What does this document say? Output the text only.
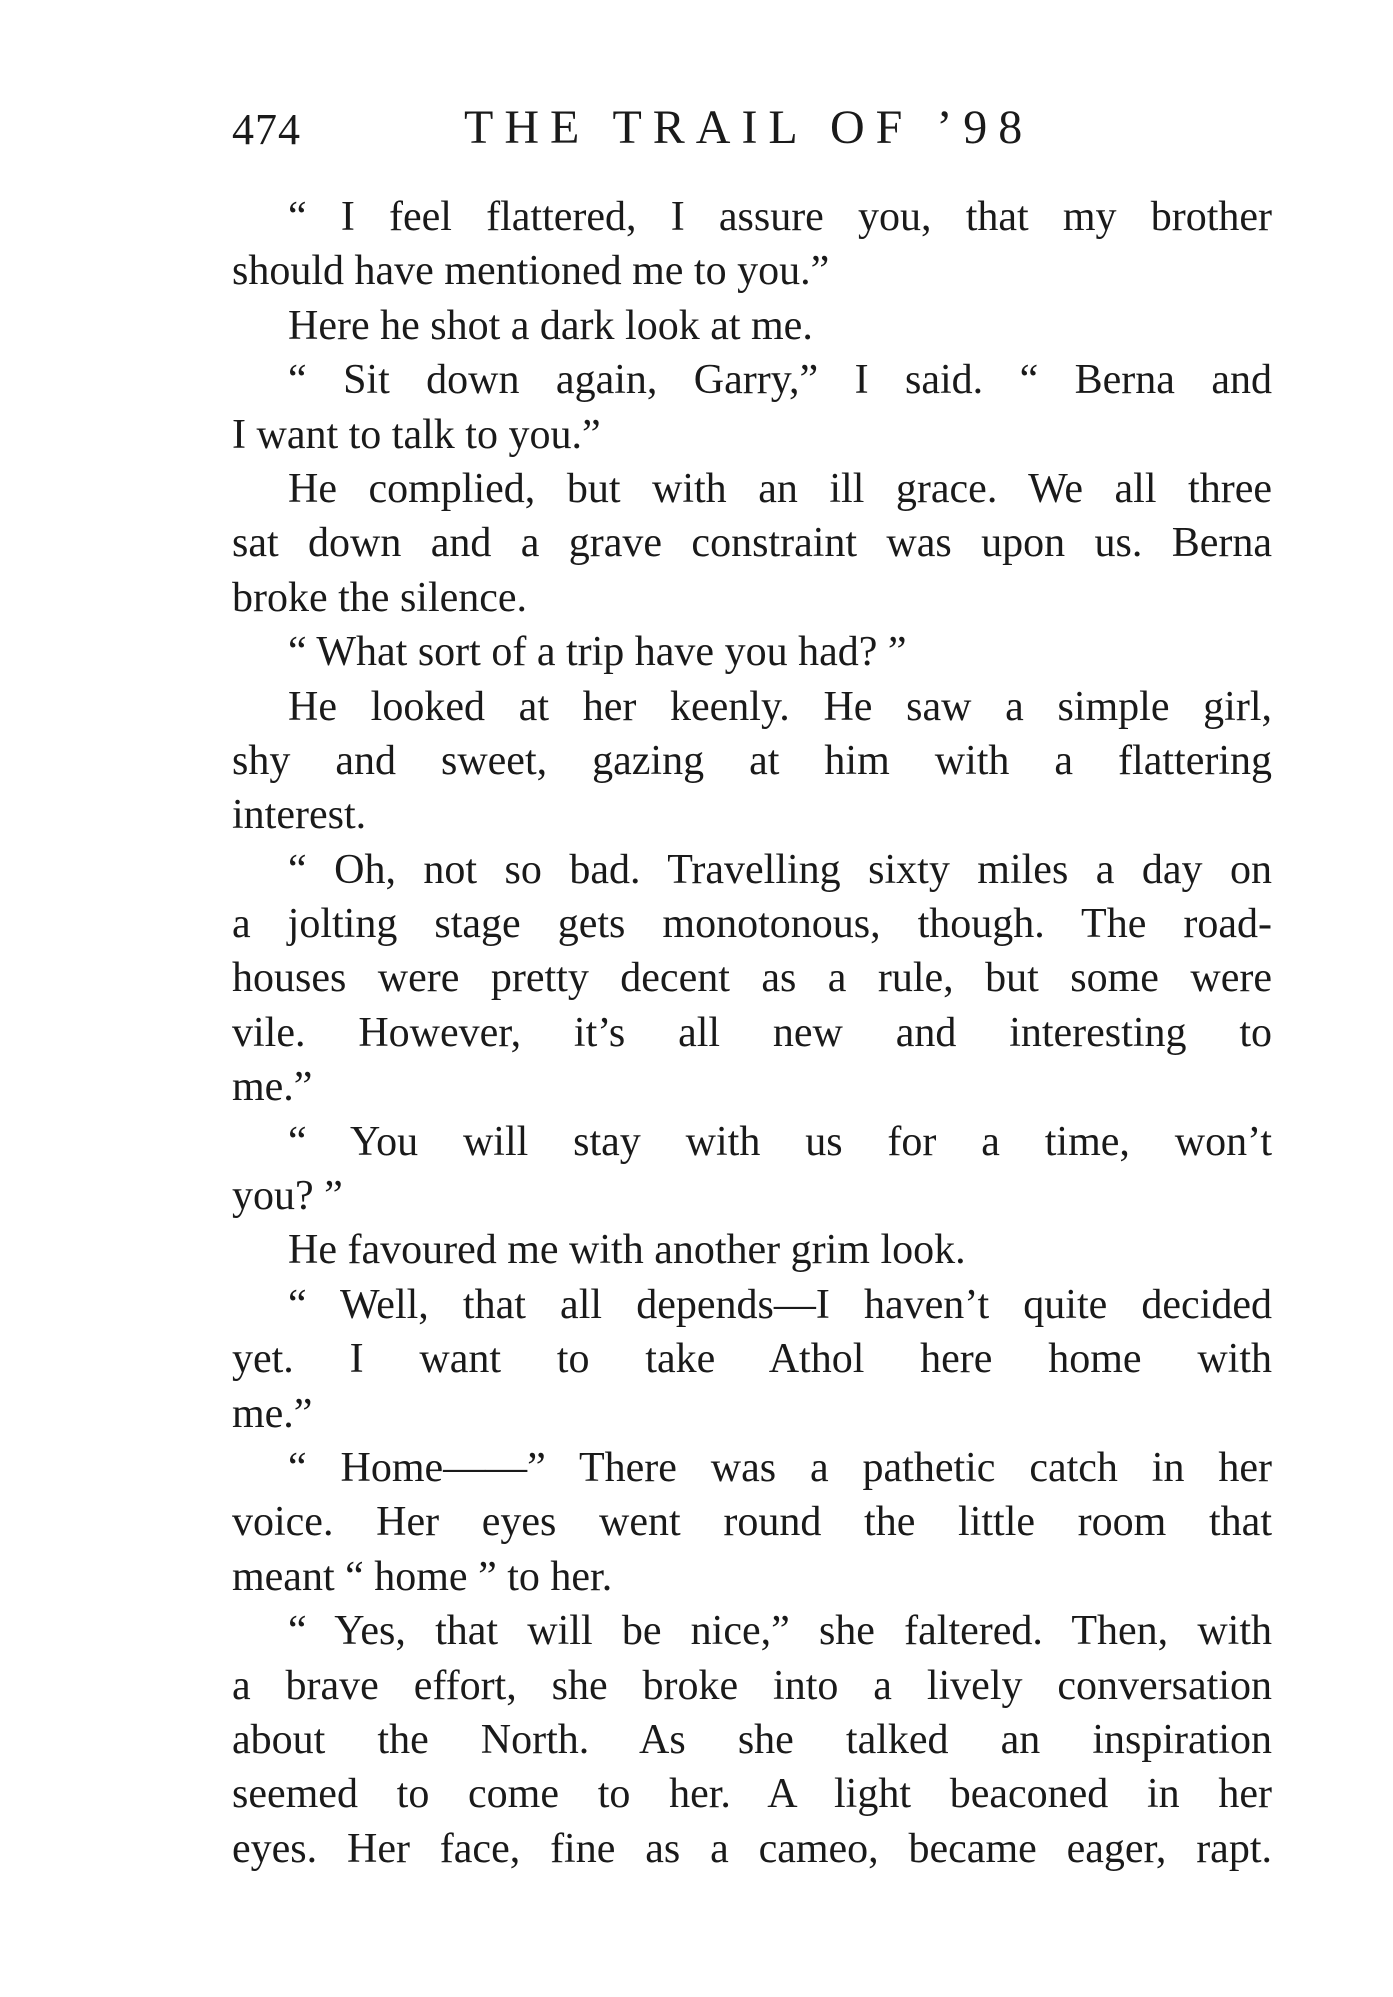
474	THE TRAIL OF ’98
“ I feel flattered, I assure you, that my brother
should have mentioned me to you.”
Here he shot a dark look at me.
“ Sit down again, Garry,” I said. “ Berna and
I want to talk to you.”
He complied, but with an ill grace. We all three
sat down and a grave constraint was upon us. Berna
broke the silence.
“ What sort of a trip have you had? ”
He looked at her keenly. He saw a simple girl,
shy and sweet, gazing at him with a flattering
interest.
“ Oh, not so bad. Travelling sixty miles a day on
a jolting stage gets monotonous, though. The road-
houses were pretty decent as a rule, but some were
vile. However, it’s all new and interesting to
me.”
“ You will stay with us for a time, won’t
you? ”
He favoured me with another grim look.
“ Well, that all depends—I haven’t quite decided
yet. I want to take Athol here home with
me.”
“ Home——” There was a pathetic catch in her
voice. Her eyes went round the little room that
meant “ home ” to her.
“ Yes, that will be nice,” she faltered. Then, with
a brave effort, she broke into a lively conversation
about the North. As she talked an inspiration
seemed to come to her. A light beaconed in her
eyes. Her face, fine as a cameo, became eager, rapt.
